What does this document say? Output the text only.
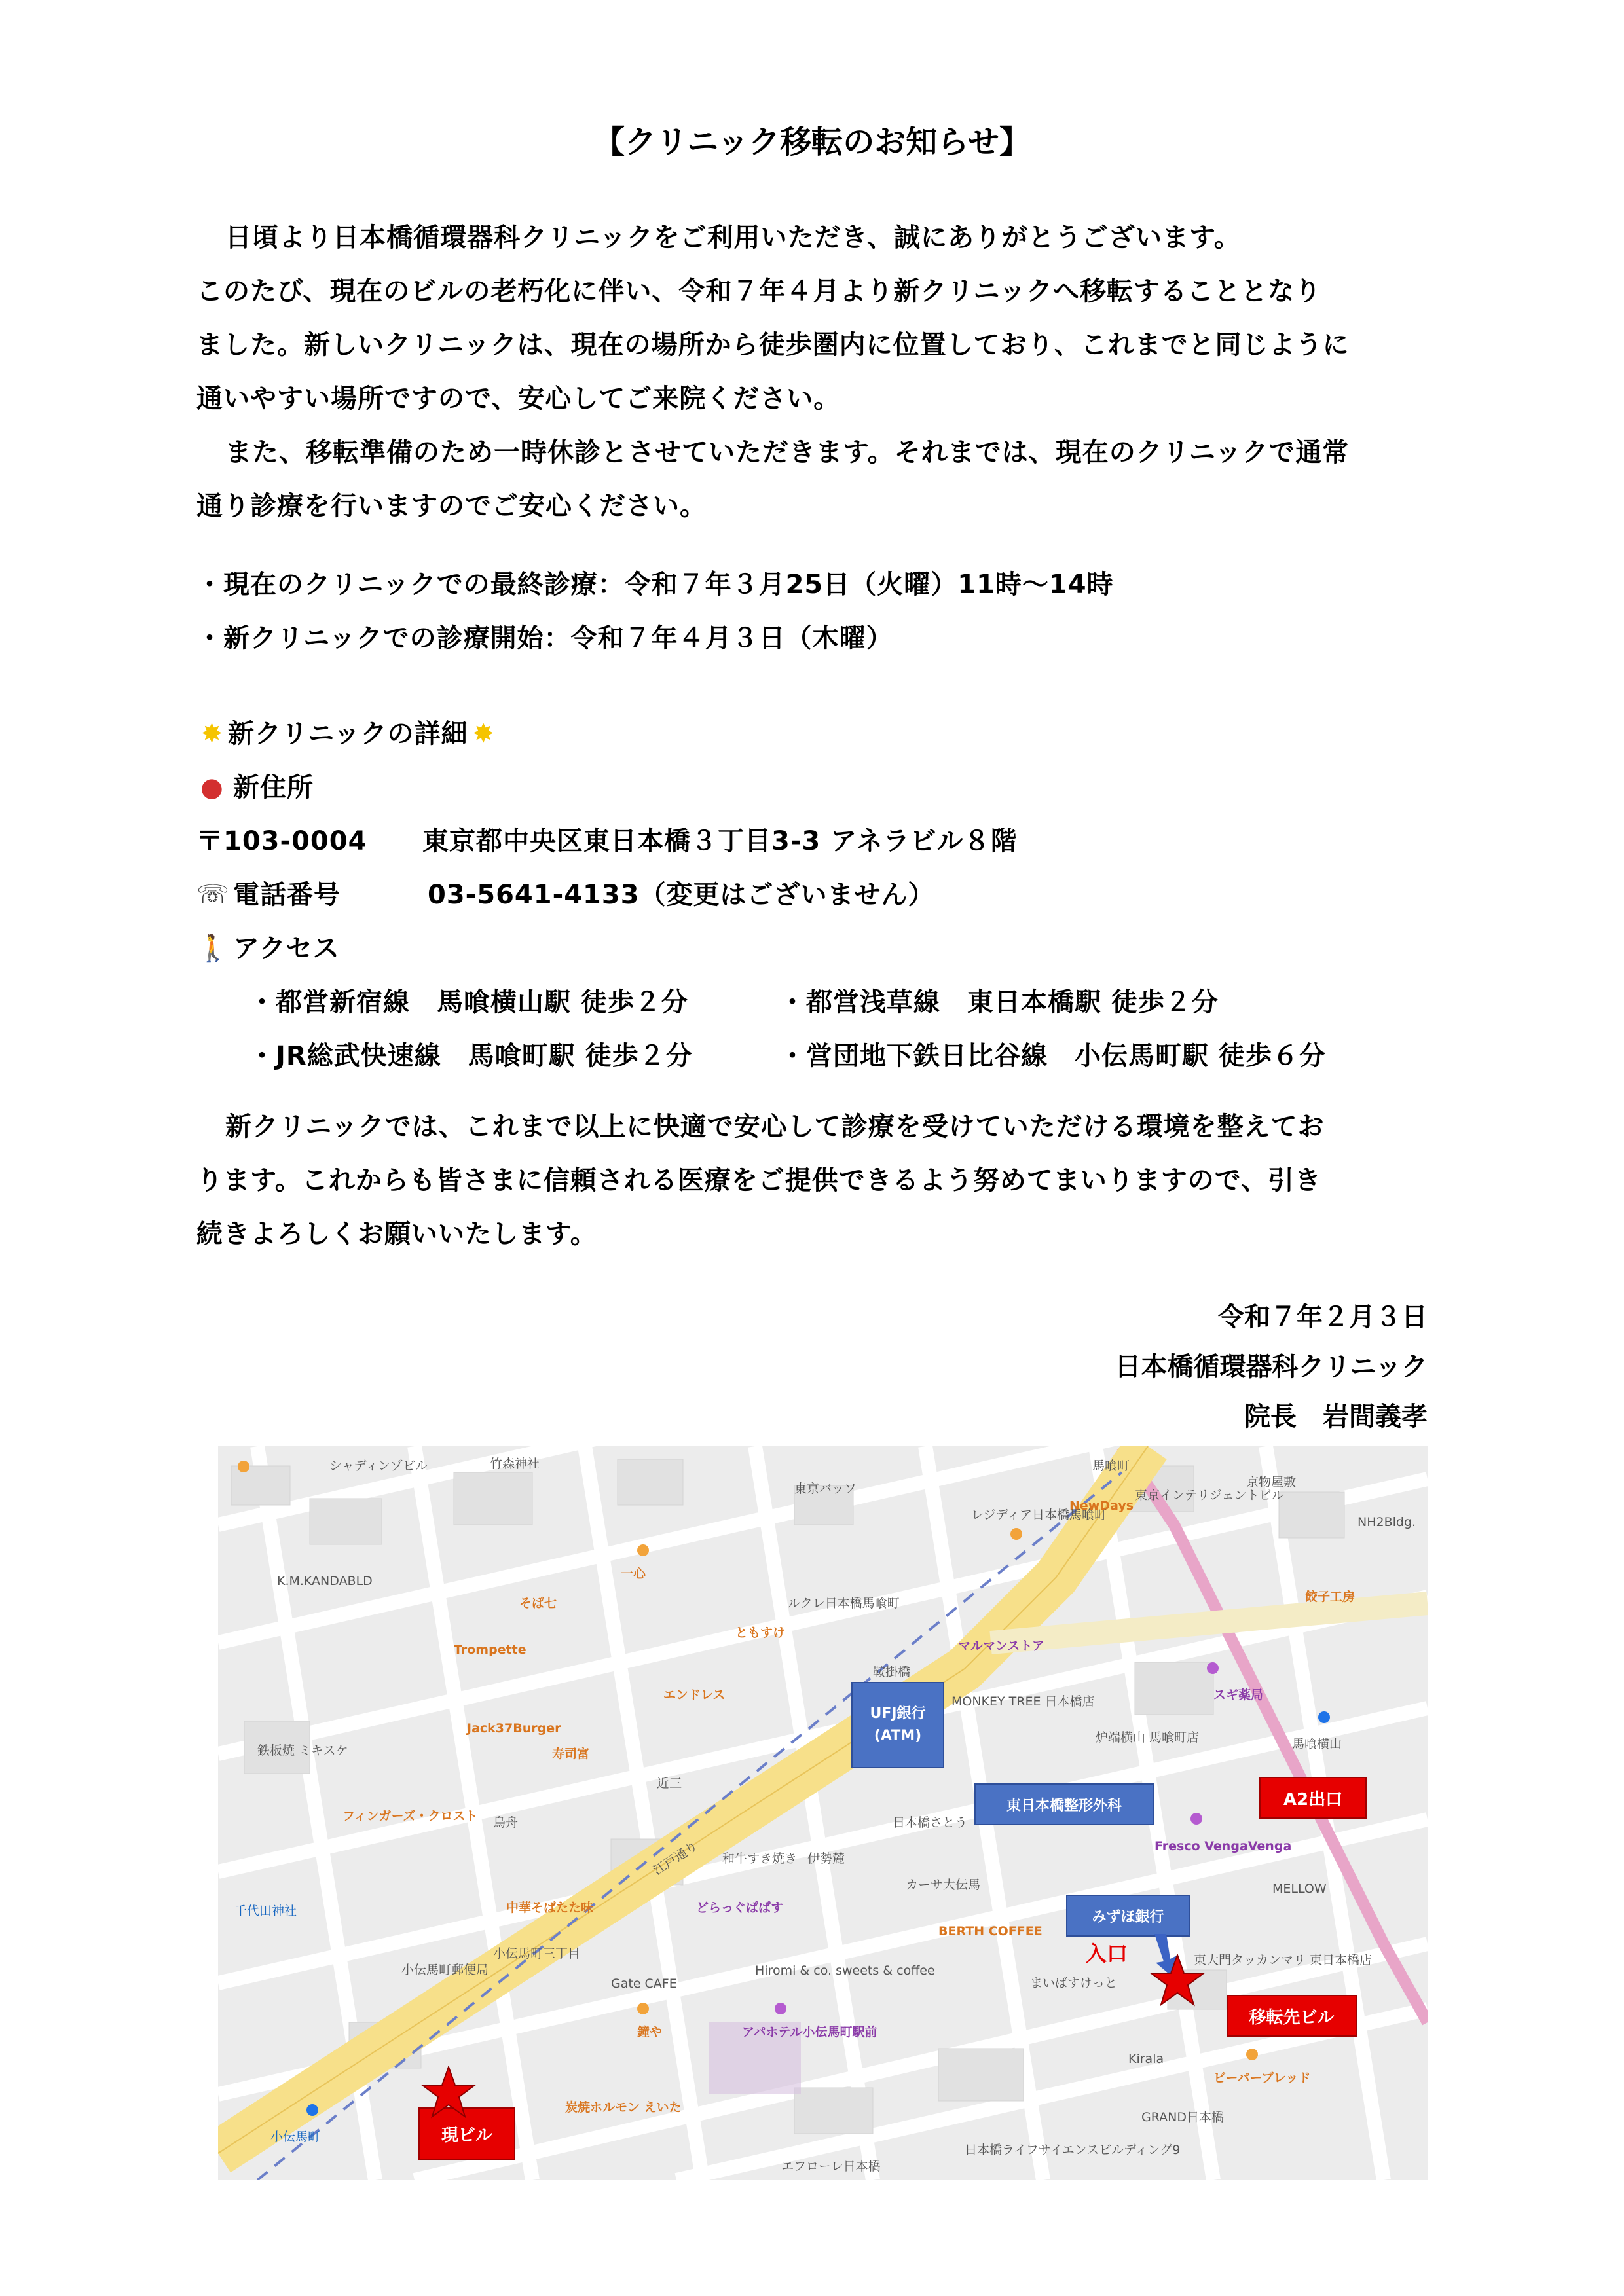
【クリニック移転のお知らせ】
日頃より日本橋循環器科クリニックをご利用いただき、誠にありがとうございます。
このたび、現在のビルの老朽化に伴い、令和７年４月より新クリニックへ移転することとなり
ました。新しいクリニックは、現在の場所から徒歩圏内に位置しており、これまでと同じように
通いやすい場所ですので、安心してご来院ください。
また、移転準備のため一時休診とさせていただきます。それまでは、現在のクリニックで通常
通り診療を行いますのでご安心ください。
・現在のクリニックでの最終診療：令和７年３月25日（火曜）11時～14時
・新クリニックでの診療開始：令和７年４月３日（木曜）
✸ 新クリニックの詳細 ✸
● 新住所
〒103-0004 東京都中央区東日本橋３丁目3-3 アネラビル８階
☏ 電話番号	03-5641-4133（変更はございません）
🚶 アクセス
・都営新宿線　馬喰横山駅 徒歩２分	・都営浅草線　東日本橋駅 徒歩２分
・JR総武快速線　馬喰町駅 徒歩２分	・営団地下鉄日比谷線　小伝馬町駅 徒歩６分
新クリニックでは、これまで以上に快適で安心して診療を受けていただける環境を整えてお
ります。これからも皆さまに信頼される医療をご提供できるよう努めてまいりますので、引き
続きよろしくお願いいたします。
令和７年２月３日
日本橋循環器科クリニック
院長　岩間義孝
竹森神社	馬喰町
NewDays
東京バッソ
レジディア日本橋馬喰町
Trompette
そば七
一心
ともすけ
マルマンストア
Jack37Burger
寿司富
エンドレス
近三
MONKEY TREE 日本橋店	スギ薬局
炉端横山 馬喰町店	馬喰横山
フィンガーズ・クロスト 鳥舟
和牛すき焼き 伊勢麓
日本橋さとう
Fresco VengaVenga
MELLOW
千代田神社	中華そばたた味	どらっぐぱぱす
BERTH COFFEE
小伝馬町郵便局
小伝馬町三丁目
Gate CAFE
Hiromi & co. sweets & coffee
まいばすけっと
東大門タッカンマリ 東日本橋店
アパホテル小伝馬町駅前
鐘や
小伝馬町
炭焼ホルモン えいた
ビーパーブレッド
Kirala
GRAND日本橋
エフローレ日本橋
日本橋ライフサイエンスビルディング9
鉄板焼 ミキスケ
シャディンゾビル
餃子工房
NH2Bldg.
K.M.KANDABLD
ルクレ日本橋馬喰町
鞍掛橋
江戸通り
カーサ大伝馬
東京インテリジェントビル
京物屋敷
UFJ銀行
(ATM)
東日本橋整形外科
みずほ銀行
A2出口
移転先ビル
現ビル
入口
